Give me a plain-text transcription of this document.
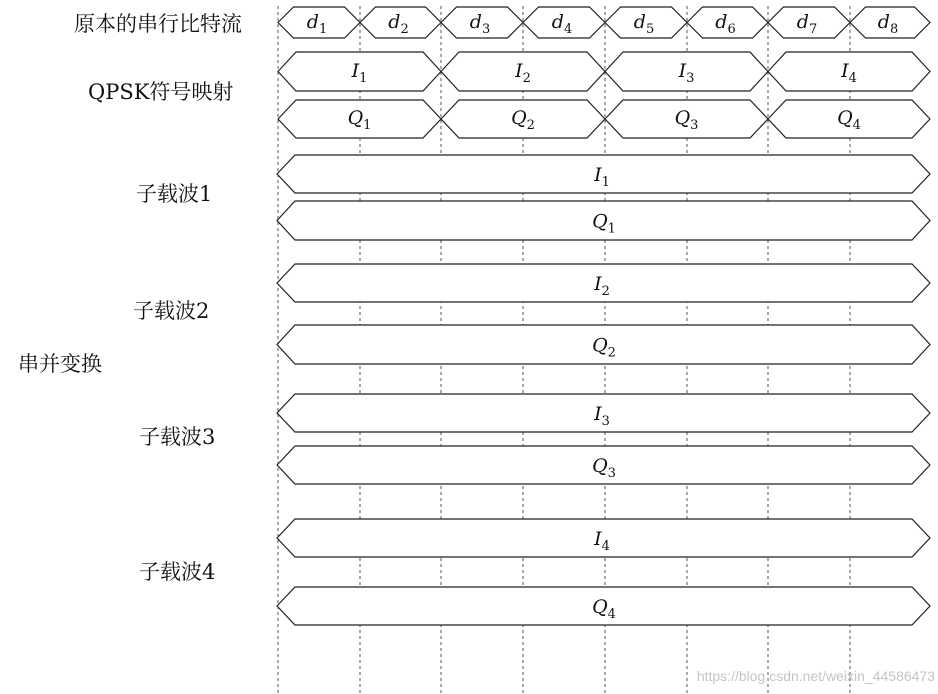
$d_1$	$d_2$	$d_3$	$d_4$	$d_5$	$d_6$	$d_7$	$d_8$
$I_1$	$I_2$	$I_3$	$I_4$
$Q_1$	$Q_2$	$Q_3$	$Q_4$
$I_1$
$Q_1$
$I_2$
$Q_2$
$I_3$
$Q_3$
$I_4$
$Q_4$
原本的串行比特流
QPSK符号映射
子载波1
子载波2
串并变换
子载波3
子载波4
https://blog.csdn.net/weixin_44586473
